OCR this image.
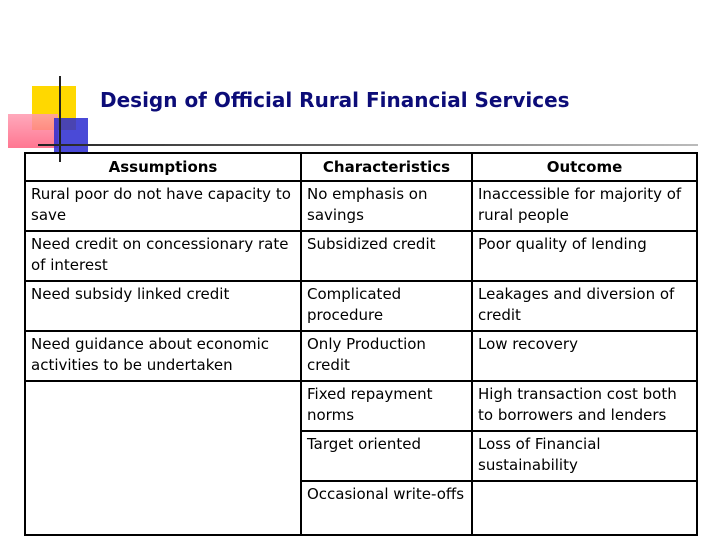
Design of Official Rural Financial Services
Assumptions	Characteristics	Outcome
Rural poor do not have capacity to save	No emphasis on savings	Inaccessible for majority of rural people
Need credit on concessionary rate of interest	Subsidized credit	Poor quality of lending
Need subsidy linked credit	Complicated procedure	Leakages and diversion of credit
Need guidance about economic activities to be undertaken	Only Production credit	Low recovery
	Fixed repayment norms	High transaction cost both to borrowers and lenders
	Target oriented	Loss of Financial sustainability
	Occasional write-offs	
